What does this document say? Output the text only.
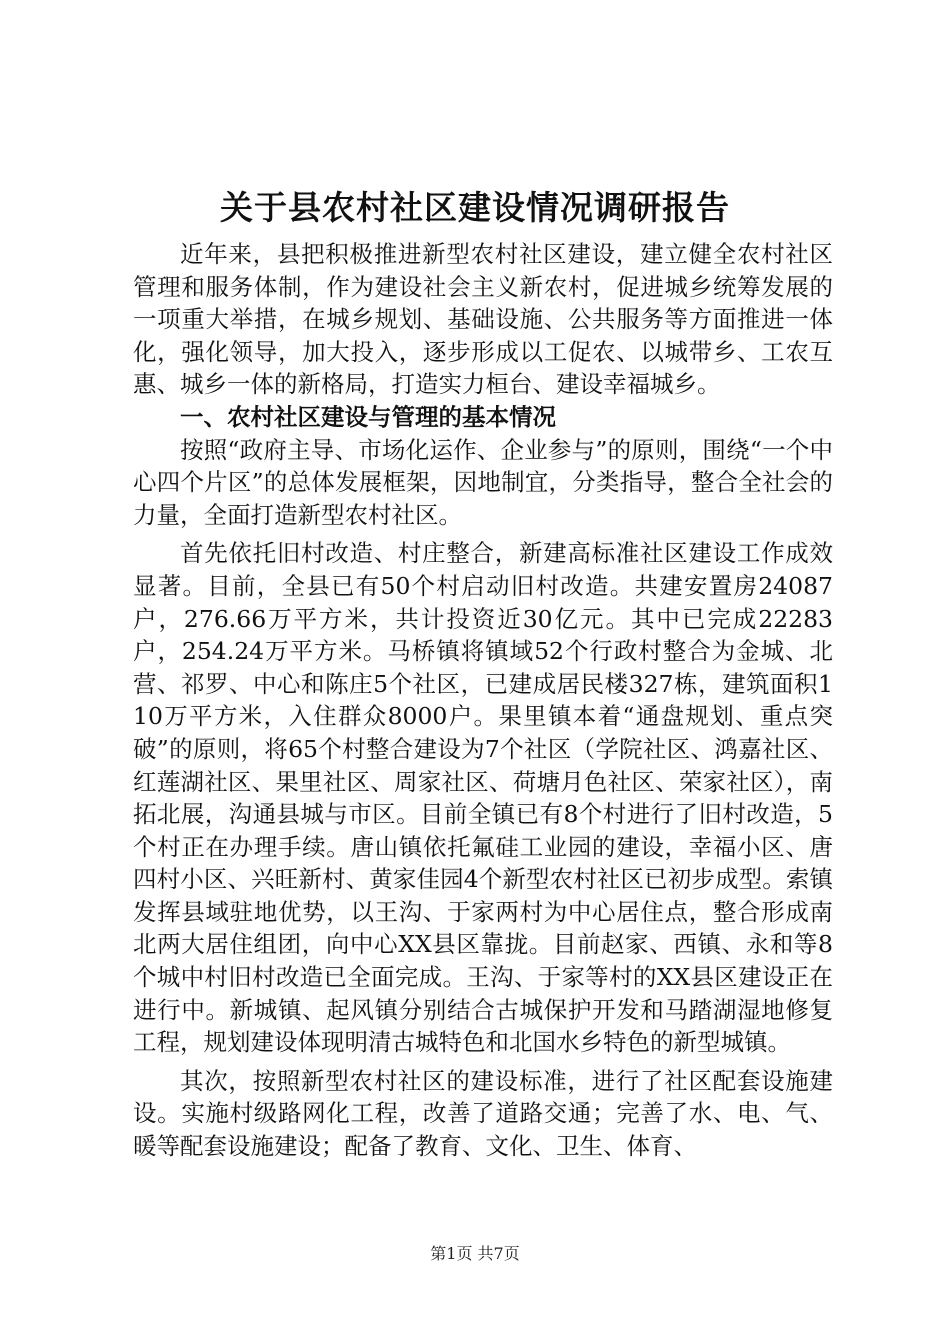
关于县农村社区建设情况调研报告

近年来，县把积极推进新型农村社区建设，建立健全农村社区管理和服务体制，作为建设社会主义新农村，促进城乡统筹发展的一项重大举措，在城乡规划、基础设施、公共服务等方面推进一体化，强化领导，加大投入，逐步形成以工促农、以城带乡、工农互惠、城乡一体的新格局，打造实力桓台、建设幸福城乡。

一、农村社区建设与管理的基本情况

按照“政府主导、市场化运作、企业参与”的原则，围绕“一个中心四个片区”的总体发展框架，因地制宜，分类指导，整合全社会的力量，全面打造新型农村社区。

首先依托旧村改造、村庄整合，新建高标准社区建设工作成效显著。目前，全县已有50个村启动旧村改造。共建安置房24087户，276.66万平方米，共计投资近30亿元。其中已完成22283户，254.24万平方米。马桥镇将镇域52个行政村整合为金城、北营、祁罗、中心和陈庄5个社区，已建成居民楼327栋，建筑面积110万平方米，入住群众8000户。果里镇本着“通盘规划、重点突破”的原则，将65个村整合建设为7个社区（学院社区、鸿嘉社区、红莲湖社区、果里社区、周家社区、荷塘月色社区、荣家社区），南拓北展，沟通县城与市区。目前全镇已有8个村进行了旧村改造，5个村正在办理手续。唐山镇依托氟硅工业园的建设，幸福小区、唐四村小区、兴旺新村、黄家佳园4个新型农村社区已初步成型。索镇发挥县域驻地优势，以王沟、于家两村为中心居住点，整合形成南北两大居住组团，向中心XX县区靠拢。目前赵家、西镇、永和等8个城中村旧村改造已全面完成。王沟、于家等村的XX县区建设正在进行中。新城镇、起风镇分别结合古城保护开发和马踏湖湿地修复工程，规划建设体现明清古城特色和北国水乡特色的新型城镇。

其次，按照新型农村社区的建设标准，进行了社区配套设施建设。实施村级路网化工程，改善了道路交通；完善了水、电、气、暖等配套设施建设；配备了教育、文化、卫生、体育、

第1页 共7页
